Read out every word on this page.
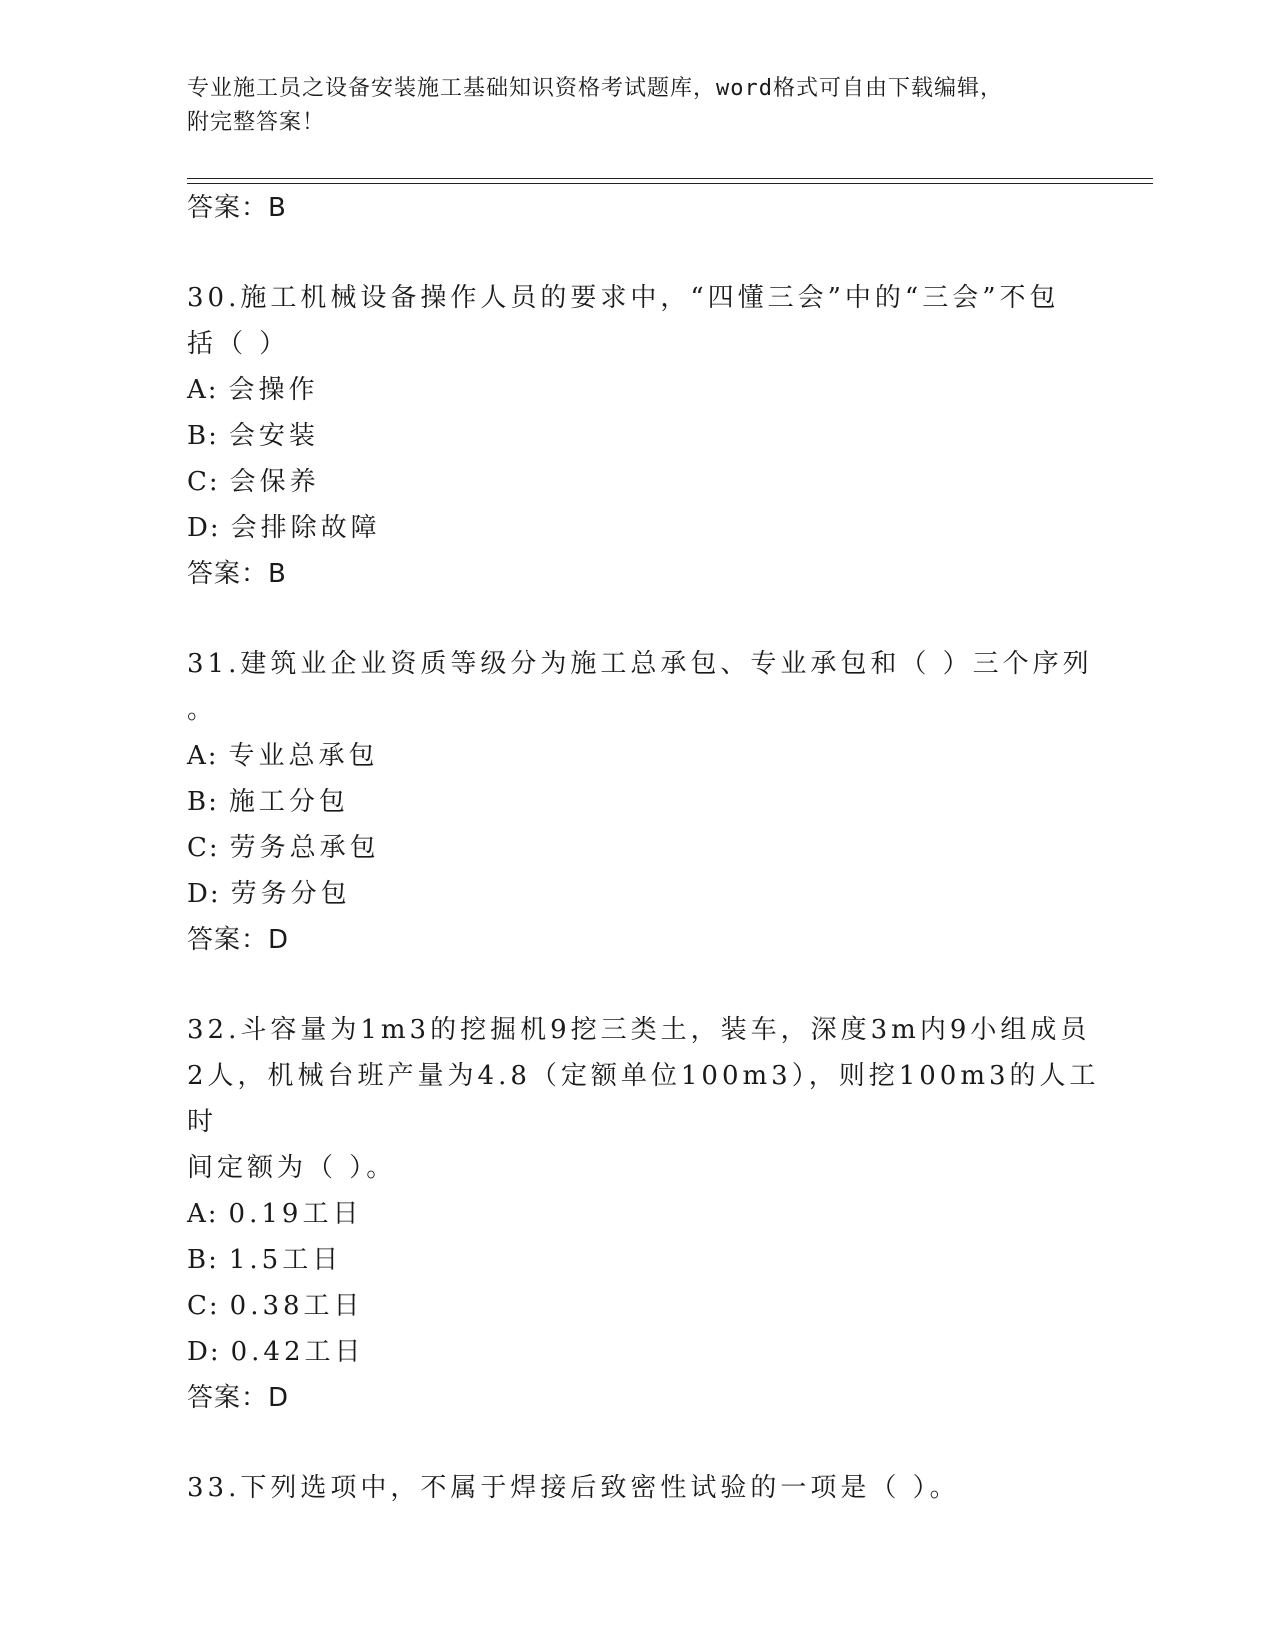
专业施工员之设备安装施工基础知识资格考试题库，word格式可自由下载编辑，
附完整答案！
答案：B
30.施工机械设备操作人员的要求中，“四懂三会”中的“三会”不包
括（ ）
A: 会操作
B: 会安装
C: 会保养
D: 会排除故障
答案：B
31.建筑业企业资质等级分为施工总承包、专业承包和（ ）三个序列
。
A: 专业总承包
B: 施工分包
C: 劳务总承包
D: 劳务分包
答案：D
32.斗容量为1m3的挖掘机9挖三类土，装车，深度3m内9小组成员
2人，机械台班产量为4.8（定额单位100m3），则挖100m3的人工时
间定额为（ ）。
A: 0.19工日
B: 1.5工日
C: 0.38工日
D: 0.42工日
答案：D
33.下列选项中，不属于焊接后致密性试验的一项是（ ）。
